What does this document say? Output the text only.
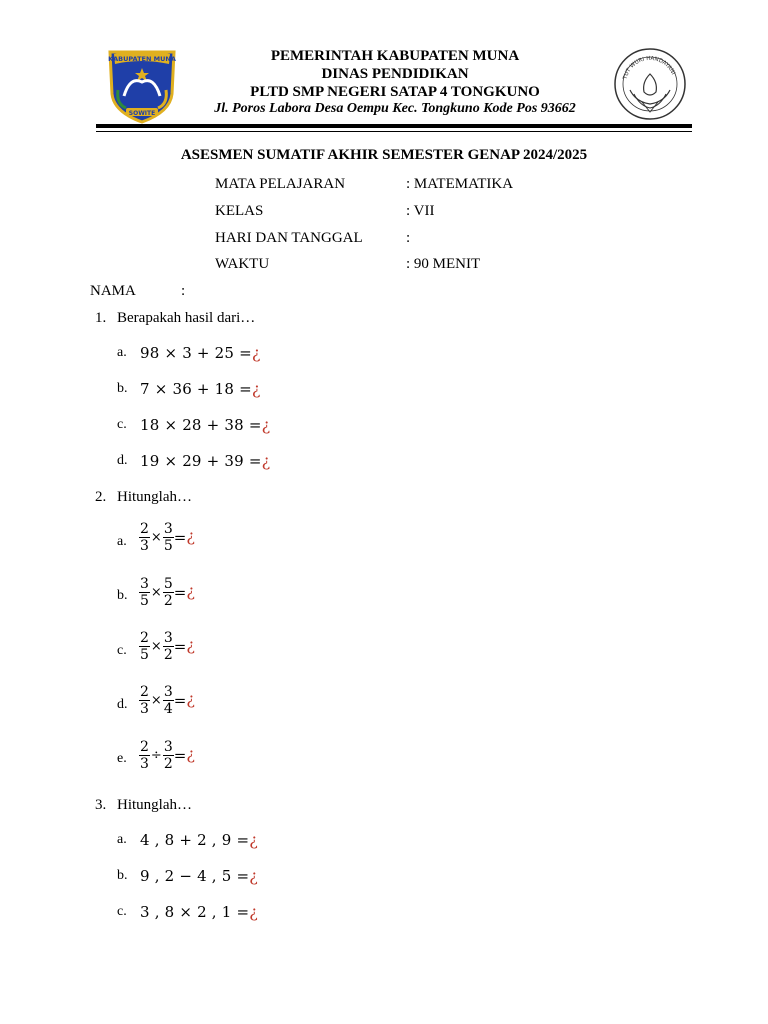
KABUPATEN MUNA
SOWITE
TUT WURI HANDAYANI
PEMERINTAH KABUPATEN MUNA
DINAS PENDIDIKAN
PLTD SMP NEGERI SATAP 4 TONGKUNO
Jl. Poros Labora Desa Oempu Kec. Tongkuno Kode Pos 93662
ASESMEN SUMATIF AKHIR SEMESTER GENAP 2024/2025
MATA PELAJARAN	: MATEMATIKA
KELAS	: VII
HARI DAN TANGGAL	:
WAKTU	: 90 MENIT
NAMA	:
1. Berapakah hasil dari…
a. 98 × 3 + 25 =¿
b. 7 × 36 + 18 =¿
c. 18 × 28 + 38 =¿
d. 19 × 29 + 39 =¿
2. Hitunglah…
a. $\frac{2}{3} \times \frac{3}{5}$ =¿
b. $\frac{3}{5} \times \frac{5}{2}$ =¿
c. $\frac{2}{5} \times \frac{3}{2}$ =¿
d. $\frac{2}{3} \times \frac{3}{4}$ =¿
e. $\frac{2}{3} \div \frac{3}{2}$ =¿
3. Hitunglah…
a. 4 , 8 + 2 , 9 =¿
b. 9 , 2 − 4 , 5 =¿
c. 3 , 8 × 2 , 1 =¿
